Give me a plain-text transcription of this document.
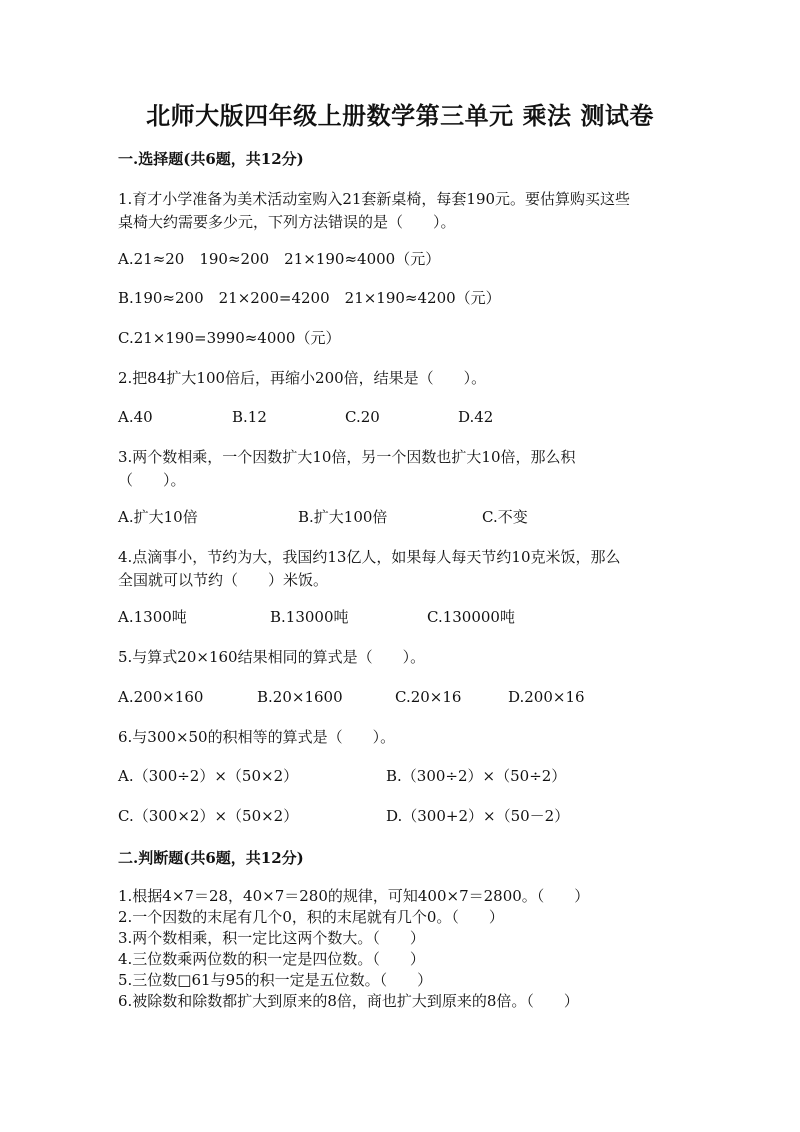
北师大版四年级上册数学第三单元 乘法 测试卷
一.选择题(共6题，共12分)
1.育才小学准备为美术活动室购入21套新桌椅，每套190元。要估算购买这些
桌椅大约需要多少元，下列方法错误的是（　　）。
A.21≈20　190≈200　21×190≈4000（元）
B.190≈200　21×200=4200　21×190≈4200（元）
C.21×190=3990≈4000（元）
2.把84扩大100倍后，再缩小200倍，结果是（　　）。
A.40	B.12	C.20	D.42
3.两个数相乘，一个因数扩大10倍，另一个因数也扩大10倍，那么积
（　　）。
A.扩大10倍	B.扩大100倍	C.不变
4.点滴事小，节约为大，我国约13亿人，如果每人每天节约10克米饭，那么
全国就可以节约（　　）米饭。
A.1300吨	B.13000吨	C.130000吨
5.与算式20×160结果相同的算式是（　　）。
A.200×160	B.20×1600	C.20×16	D.200×16
6.与300×50的积相等的算式是（　　）。
A.（300÷2）×（50×2）	B.（300÷2）×（50÷2）
C.（300×2）×（50×2）	D.（300+2）×（50－2）
二.判断题(共6题，共12分)
1.根据4×7＝28，40×7＝280的规律，可知400×7＝2800。（　　）
2.一个因数的末尾有几个0，积的末尾就有几个0。（　　）
3.两个数相乘，积一定比这两个数大。（　　）
4.三位数乘两位数的积一定是四位数。（　　）
5.三位数□61与95的积一定是五位数。（　　）
6.被除数和除数都扩大到原来的8倍，商也扩大到原来的8倍。（　　）
